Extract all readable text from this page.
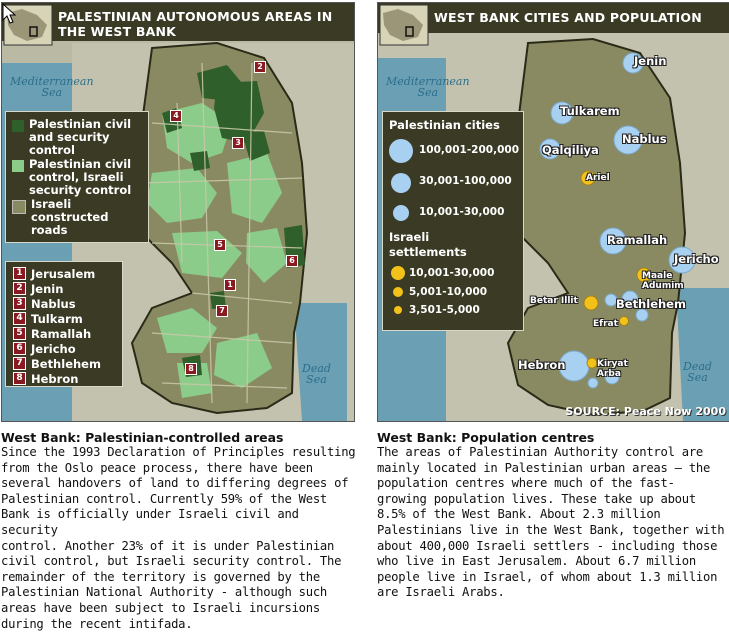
PALESTINIAN AUTONOMOUS AREAS IN
THE WEST BANK
Mediterranean
Sea
Dead
Sea
2
4
3
5
6
1
7
8
Palestinian civil
and security
control
Palestinian civil
control, Israeli
security control
Israeli
constructed
roads
1 Jerusalem
2 Jenin
3 Nablus
4 Tulkarm
5 Ramallah
6 Jericho
7 Bethlehem
8 Hebron
WEST BANK CITIES AND POPULATION
Mediterranean
Sea
Dead
Sea
Jenin
Tulkarem
Nablus
Qalqiliya
Ramallah
Jericho
Bethlehem
Hebron
Ariel
Maale
Adumim
Betar Illit
Efrat
Kiryat
Arba
Palestinian cities
100,001-200,000
30,001-100,000
10,001-30,000
Israeli
settlements
10,001-30,000
5,001-10,000
3,501-5,000
SOURCE: Peace Now 2000
West Bank: Palestinian-controlled areas
Since the 1993 Declaration of Principles resulting
from the Oslo peace process, there have been
several handovers of land to differing degrees of
Palestinian control. Currently 59% of the West
Bank is officially under Israeli civil and security
control. Another 23% of it is under Palestinian
civil control, but Israeli security control. The
remainder of the territory is governed by the
Palestinian National Authority - although such
areas have been subject to Israeli incursions
during the recent intifada.
West Bank: Population centres
The areas of Palestinian Authority control are
mainly located in Palestinian urban areas – the
population centres where much of the fast-
growing population lives. These take up about
8.5% of the West Bank. About 2.3 million
Palestinians live in the West Bank, together with
about 400,000 Israeli settlers - including those
who live in East Jerusalem. About 6.7 million
people live in Israel, of whom about 1.3 million
are Israeli Arabs.
